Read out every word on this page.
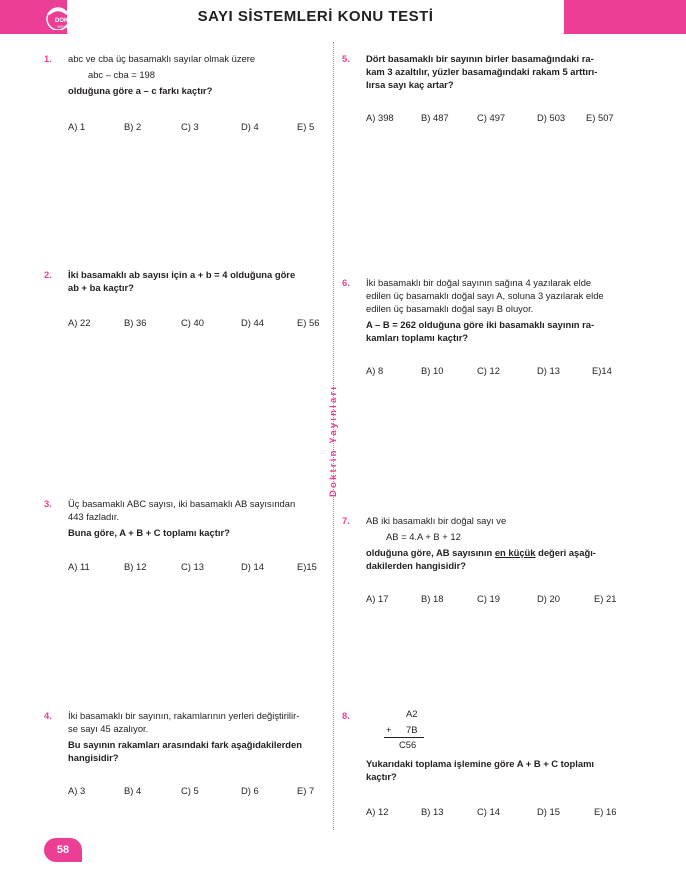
SAYI SİSTEMLERİ KONU TESTİ
DOKTRİN
YAYINLARI
Doktrin Yayınları
1.	abc ve cba üç basamaklı sayılar olmak üzere

abc – cba = 198

olduğuna göre a – c farkı kaçtır?

A) 1	B) 2	C) 3	D) 4	E) 5
2.	İki basamaklı ab sayısı için a + b = 4 olduğuna göre

ab + ba kaçtır?

A) 22	B) 36	C) 40	D) 44	E) 56
3.	Üç basamaklı ABC sayısı, iki basamaklı AB sayısından

443 fazladır.

Buna göre, A + B + C toplamı kaçtır?

A) 11	B) 12	C) 13	D) 14	E)15
4.	İki basamaklı bir sayının, rakamlarının yerleri değiştirilir-

se sayı 45 azalıyor.

Bu sayının rakamları arasındaki fark aşağıdakilerden

hangisidir?

A) 3	B) 4	C) 5	D) 6	E) 7
5.	Dört basamaklı bir sayının birler basamağındaki ra-

kam 3 azaltılır, yüzler basamağındaki rakam 5 arttırı-

lırsa sayı kaç artar?

A) 398	B) 487	C) 497	D) 503 E) 507
6.	İki basamaklı bir doğal sayının sağına 4 yazılarak elde

edilen üç basamaklı doğal sayı A, soluna 3 yazılarak elde

edilen üç basamaklı doğal sayı B oluyor.

A – B = 262 olduğuna göre iki basamaklı sayının ra-

kamları toplamı kaçtır?

A) 8	B) 10	C) 12	D) 13	E)14
7.	AB iki basamaklı bir doğal sayı ve

AB = 4.A + B + 12

olduğuna göre, AB sayısının en küçük değeri aşağı-

dakilerden hangisidir?

A) 17	B) 18	C) 19	D) 20	E) 21
8.	A2
+ 7B
C56

Yukarıdaki toplama işlemine göre A + B + C toplamı

kaçtır?

A) 12	B) 13	C) 14	D) 15	E) 16
58
